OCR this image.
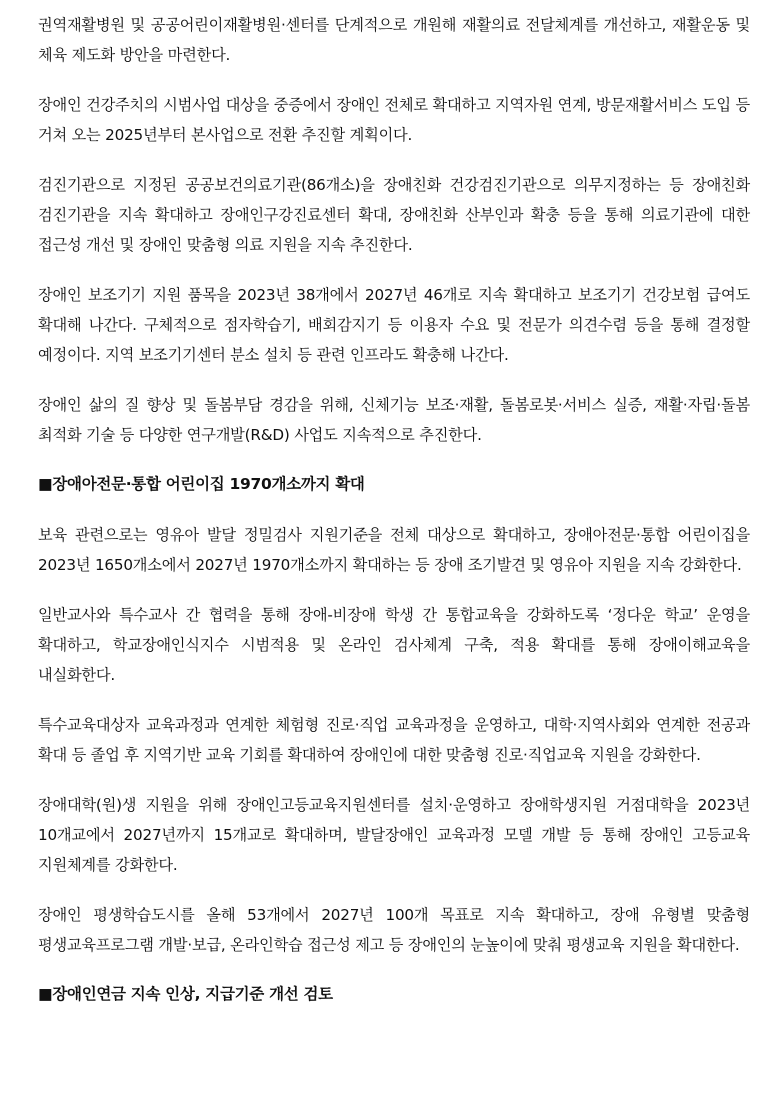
권역재활병원 및 공공어린이재활병원·센터를 단계적으로 개원해 재활의료 전달체계를 개선하고, 재활운동 및 체육 제도화 방안을 마련한다.

장애인 건강주치의 시범사업 대상을 중증에서 장애인 전체로 확대하고 지역자원 연계, 방문재활서비스 도입 등 거쳐 오는 2025년부터 본사업으로 전환 추진할 계획이다.

검진기관으로 지정된 공공보건의료기관(86개소)을 장애친화 건강검진기관으로 의무지정하는 등 장애친화 검진기관을 지속 확대하고 장애인구강진료센터 확대, 장애친화 산부인과 확충 등을 통해 의료기관에 대한 접근성 개선 및 장애인 맞춤형 의료 지원을 지속 추진한다.

장애인 보조기기 지원 품목을 2023년 38개에서 2027년 46개로 지속 확대하고 보조기기 건강보험 급여도 확대해 나간다. 구체적으로 점자학습기, 배회감지기 등 이용자 수요 및 전문가 의견수렴 등을 통해 결정할 예정이다. 지역 보조기기센터 분소 설치 등 관련 인프라도 확충해 나간다.

장애인 삶의 질 향상 및 돌봄부담 경감을 위해, 신체기능 보조·재활, 돌봄로봇·서비스 실증, 재활·자립·돌봄 최적화 기술 등 다양한 연구개발(R&D) 사업도 지속적으로 추진한다.

■장애아전문·통합 어린이집 1970개소까지 확대

보육 관련으로는 영유아 발달 정밀검사 지원기준을 전체 대상으로 확대하고, 장애아전문·통합 어린이집을 2023년 1650개소에서 2027년 1970개소까지 확대하는 등 장애 조기발견 및 영유아 지원을 지속 강화한다.

일반교사와 특수교사 간 협력을 통해 장애-비장애 학생 간 통합교육을 강화하도록 ‘정다운 학교’ 운영을 확대하고, 학교장애인식지수 시범적용 및 온라인 검사체계 구축, 적용 확대를 통해 장애이해교육을 내실화한다.

특수교육대상자 교육과정과 연계한 체험형 진로·직업 교육과정을 운영하고, 대학·지역사회와 연계한 전공과 확대 등 졸업 후 지역기반 교육 기회를 확대하여 장애인에 대한 맞춤형 진로·직업교육 지원을 강화한다.

장애대학(원)생 지원을 위해 장애인고등교육지원센터를 설치·운영하고 장애학생지원 거점대학을 2023년 10개교에서 2027년까지 15개교로 확대하며, 발달장애인 교육과정 모델 개발 등 통해 장애인 고등교육 지원체계를 강화한다.

장애인 평생학습도시를 올해 53개에서 2027년 100개 목표로 지속 확대하고, 장애 유형별 맞춤형 평생교육프로그램 개발·보급, 온라인학습 접근성 제고 등 장애인의 눈높이에 맞춰 평생교육 지원을 확대한다.

■장애인연금 지속 인상, 지급기준 개선 검토
